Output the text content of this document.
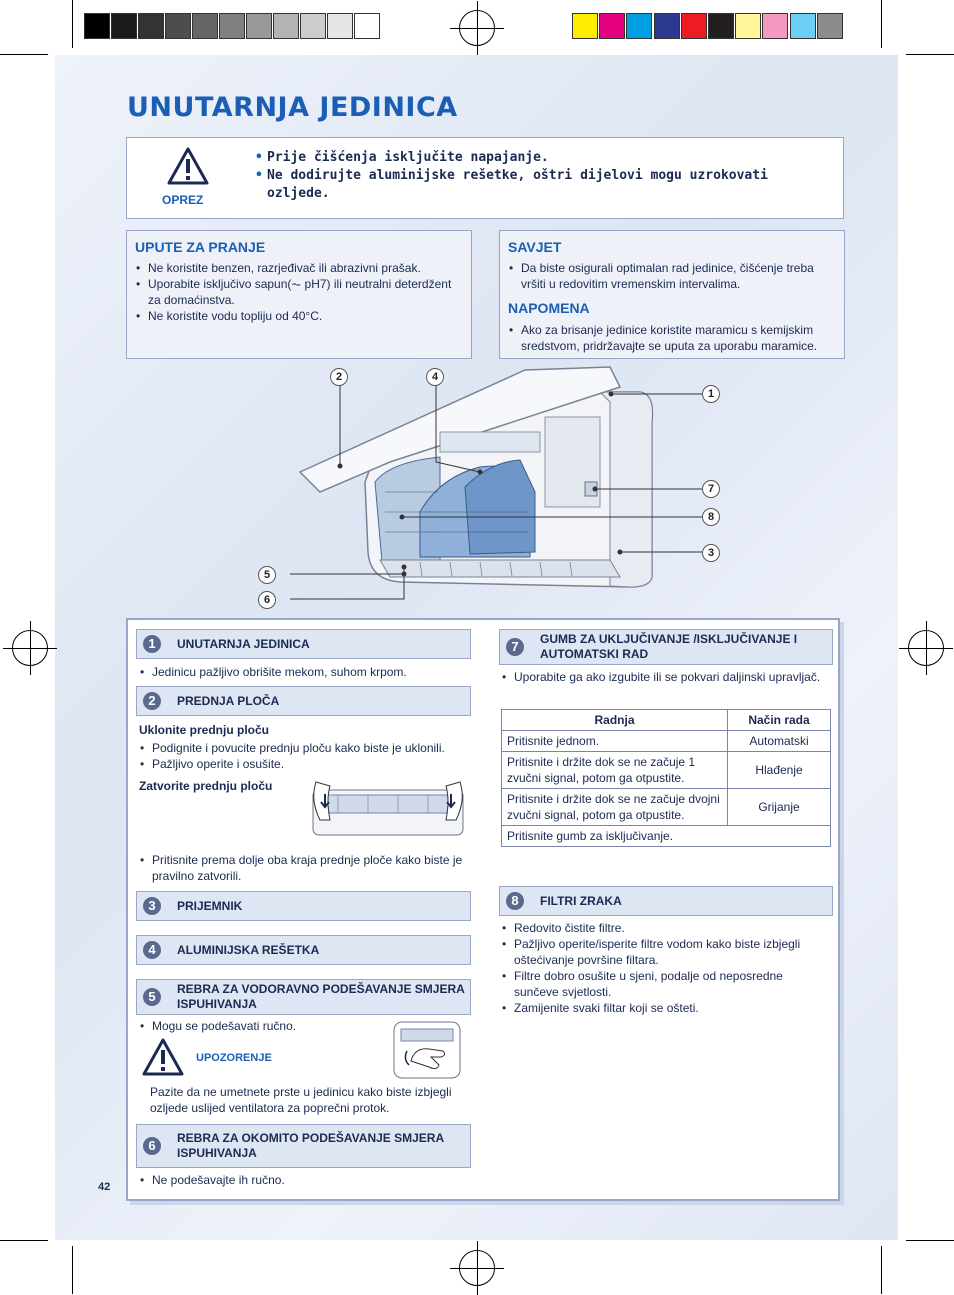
UNUTARNJA JEDINICA
OPREZ
• Prije čišćenja isključite napajanje.
• Ne dodirujte aluminijske rešetke, oštri dijelovi mogu uzrokovati ozljede.
UPUTE ZA PRANJE
• Ne koristite benzen, razrjeđivač ili abrazivni prašak.
• Uporabite isključivo sapun(⏦ pH7) ili neutralni deterdžent za domaćinstva.
• Ne koristite vodu topliju od 40°C.
SAVJET
• Da biste osigurali optimalan rad jedinice, čišćenje treba vršiti u redovitim vremenskim intervalima.
NAPOMENA
• Ako za brisanje jedinice koristite maramicu s kemijskim sredstvom, pridržavajte se uputa za uporabu maramice.
2	4
1
7
8
3
5
6
1	UNUTARNJA JEDINICA
• Jedinicu pažljivo obrišite mekom, suhom krpom.
2	PREDNJA PLOČA
Uklonite prednju ploču
• Podignite i povucite prednju ploču kako biste je uklonili.
• Pažljivo operite i osušite.
Zatvorite prednju ploču
• Pritisnite prema dolje oba kraja prednje ploče kako biste je pravilno zatvorili.
3	PRIJEMNIK
4	ALUMINIJSKA REŠETKA
5	REBRA ZA VODORAVNO PODEŠAVANJE SMJERA ISPUHIVANJA
• Mogu se podešavati ručno.
UPOZORENJE
Pazite da ne umetnete prste u jedinicu kako biste izbjegli ozljede uslijed ventilatora za poprečni protok.
6	REBRA ZA OKOMITO PODEŠAVANJE SMJERA ISPUHIVANJA
• Ne podešavajte ih ručno.
7	GUMB ZA UKLJUČIVANJE /ISKLJUČIVANJE I AUTOMATSKI RAD
• Uporabite ga ako izgubite ili se pokvari daljinski upravljač.
Radnja	Način rada
Pritisnite jednom.	Automatski
Pritisnite i držite dok se ne začuje 1 zvučni signal, potom ga otpustite.	Hlađenje
Pritisnite i držite dok se ne začuje dvojni zvučni signal, potom ga otpustite.	Grijanje
Pritisnite gumb za isključivanje.	
8	FILTRI ZRAKA
• Redovito čistite filtre.
• Pažljivo operite/isperite filtre vodom kako biste izbjegli oštećivanje površine filtara.
• Filtre dobro osušite u sjeni, podalje od neposredne sunčeve svjetlosti.
• Zamijenite svaki filtar koji se ošteti.
42
